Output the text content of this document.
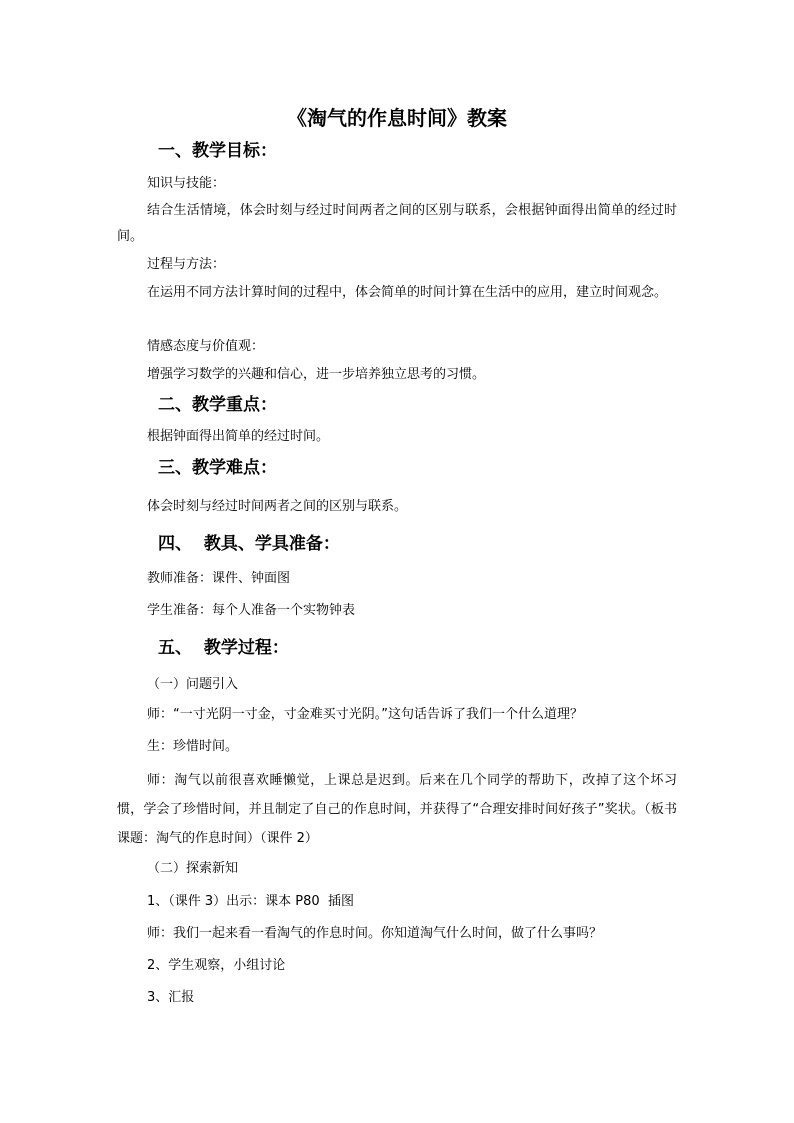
《淘气的作息时间》教案
一、教学目标：
知识与技能：
结合生活情境，体会时刻与经过时间两者之间的区别与联系，会根据钟面得出简单的经过时间。
过程与方法：
在运用不同方法计算时间的过程中，体会简单的时间计算在生活中的应用，建立时间观念。
情感态度与价值观：
增强学习数学的兴趣和信心，进一步培养独立思考的习惯。
二、教学重点：
根据钟面得出简单的经过时间。
三、教学难点：
体会时刻与经过时间两者之间的区别与联系。
四、  教具、学具准备：
教师准备：课件、钟面图
学生准备：每个人准备一个实物钟表
五、  教学过程：
（一）问题引入
师：“一寸光阴一寸金，寸金难买寸光阴。”这句话告诉了我们一个什么道理？
生：珍惜时间。
师：淘气以前很喜欢睡懒觉，上课总是迟到。后来在几个同学的帮助下，改掉了这个坏习惯，学会了珍惜时间，并且制定了自己的作息时间，并获得了“合理安排时间好孩子”奖状。（板书课题：淘气的作息时间）（课件 2）
（二）探索新知
1、（课件 3）出示：课本 P80  插图
师：我们一起来看一看淘气的作息时间。你知道淘气什么时间，做了什么事吗？
2、学生观察，小组讨论
3、汇报
